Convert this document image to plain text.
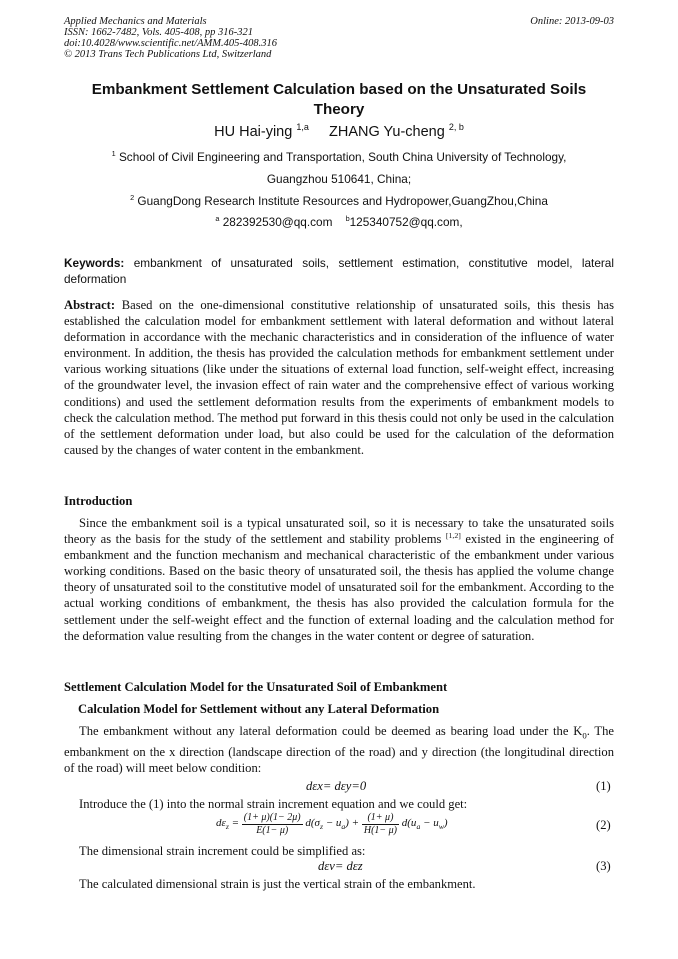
Applied Mechanics and Materials
ISSN: 1662-7482, Vols. 405-408, pp 316-321
doi:10.4028/www.scientific.net/AMM.405-408.316
© 2013 Trans Tech Publications Ltd, Switzerland
Online: 2013-09-03
Embankment Settlement Calculation based on the Unsaturated Soils
Theory
HU Hai-ying $^{1,a}$ ZHANG Yu-cheng $^{2, b}$
$^1$ School of Civil Engineering and Transportation, South China University of Technology,
Guangzhou 510641, China;
$^2$ GuangDong Research Institute Resources and Hydropower,GuangZhou,China
$^a$ 282392530@qq.com $^b$125340752@qq.com,
Keywords: embankment of unsaturated soils, settlement estimation, constitutive model, lateral deformation
Abstract: Based on the one-dimensional constitutive relationship of unsaturated soils, this thesis has established the calculation model for embankment settlement with lateral deformation and without lateral deformation in accordance with the mechanic characteristics and in consideration of the influence of water environment. In addition, the thesis has provided the calculation methods for embankment settlement under various working situations (like under the situations of external load function, self-weight effect, increasing of the groundwater level, the invasion effect of rain water and the comprehensive effect of various working conditions) and used the settlement deformation results from the experiments of embankment models to check the calculation method. The method put forward in this thesis could not only be used in the calculation of the settlement deformation under load, but also could be used for the calculation of the deformation caused by the changes of water content in the embankment.
Introduction
Since the embankment soil is a typical unsaturated soil, so it is necessary to take the unsaturated soils theory as the basis for the study of the settlement and stability problems [1,2] existed in the engineering of embankment and the function mechanism and mechanical characteristic of the embankment under various working conditions. Based on the basic theory of unsaturated soil, the thesis has applied the volume change theory of unsaturated soil to the constitutive model of unsaturated soil for the embankment. According to the actual working conditions of embankment, the thesis has also provided the calculation formula for the settlement under the self-weight effect and the function of external loading and the calculation method for the deformation value resulting from the changes in the water content or degree of saturation.
Settlement Calculation Model for the Unsaturated Soil of Embankment
Calculation Model for Settlement without any Lateral Deformation
The embankment without any lateral deformation could be deemed as bearing load under the $K_0$. The embankment on the x direction (landscape direction of the road) and y direction (the longitudinal direction of the road) will meet below condition:
dεx= dεy=0	(1)
Introduce the (1) into the normal strain increment equation and we could get:
$d\varepsilon_z = \frac{(1+ \mu)(1- 2\mu)}{E(1- \mu)} d(\sigma_z - u_a) + \frac{(1+ \mu)}{H(1- \mu)} d(u_a - u_w)$	(2)
The dimensional strain increment could be simplified as:
dεv= dεz	(3)
The calculated dimensional strain is just the vertical strain of the embankment.
